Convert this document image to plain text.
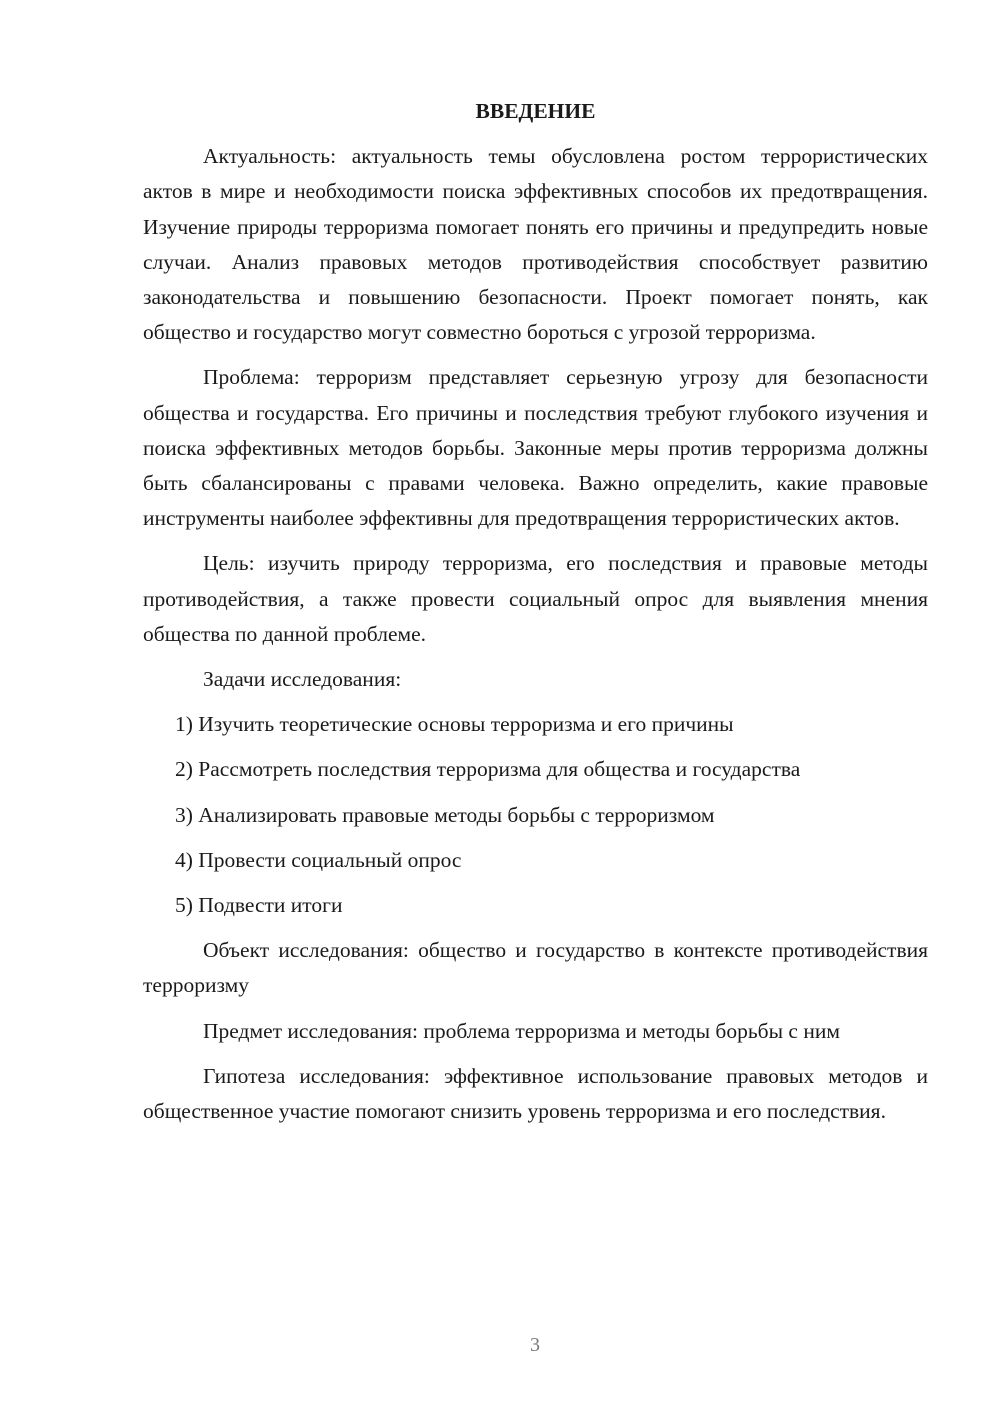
ВВЕДЕНИЕ

Актуальность: актуальность темы обусловлена ростом террористических актов в мире и необходимости поиска эффективных способов их предотвращения. Изучение природы терроризма помогает понять его причины и предупредить новые случаи. Анализ правовых методов противодействия способствует развитию законодательства и повышению безопасности. Проект помогает понять, как общество и государство могут совместно бороться с угрозой терроризма.

Проблема: терроризм представляет серьезную угрозу для безопасности общества и государства. Его причины и последствия требуют глубокого изучения и поиска эффективных методов борьбы. Законные меры против терроризма должны быть сбалансированы с правами человека. Важно определить, какие правовые инструменты наиболее эффективны для предотвращения террористических актов.

Цель: изучить природу терроризма, его последствия и правовые методы противодействия, а также провести социальный опрос для выявления мнения общества по данной проблеме.

Задачи исследования:

1) Изучить теоретические основы терроризма и его причины

2) Рассмотреть последствия терроризма для общества и государства

3) Анализировать правовые методы борьбы с терроризмом

4) Провести социальный опрос

5) Подвести итоги

Объект исследования: общество и государство в контексте противодействия терроризму

Предмет исследования: проблема терроризма и методы борьбы с ним

Гипотеза исследования: эффективное использование правовых методов и общественное участие помогают снизить уровень терроризма и его последствия.

3
